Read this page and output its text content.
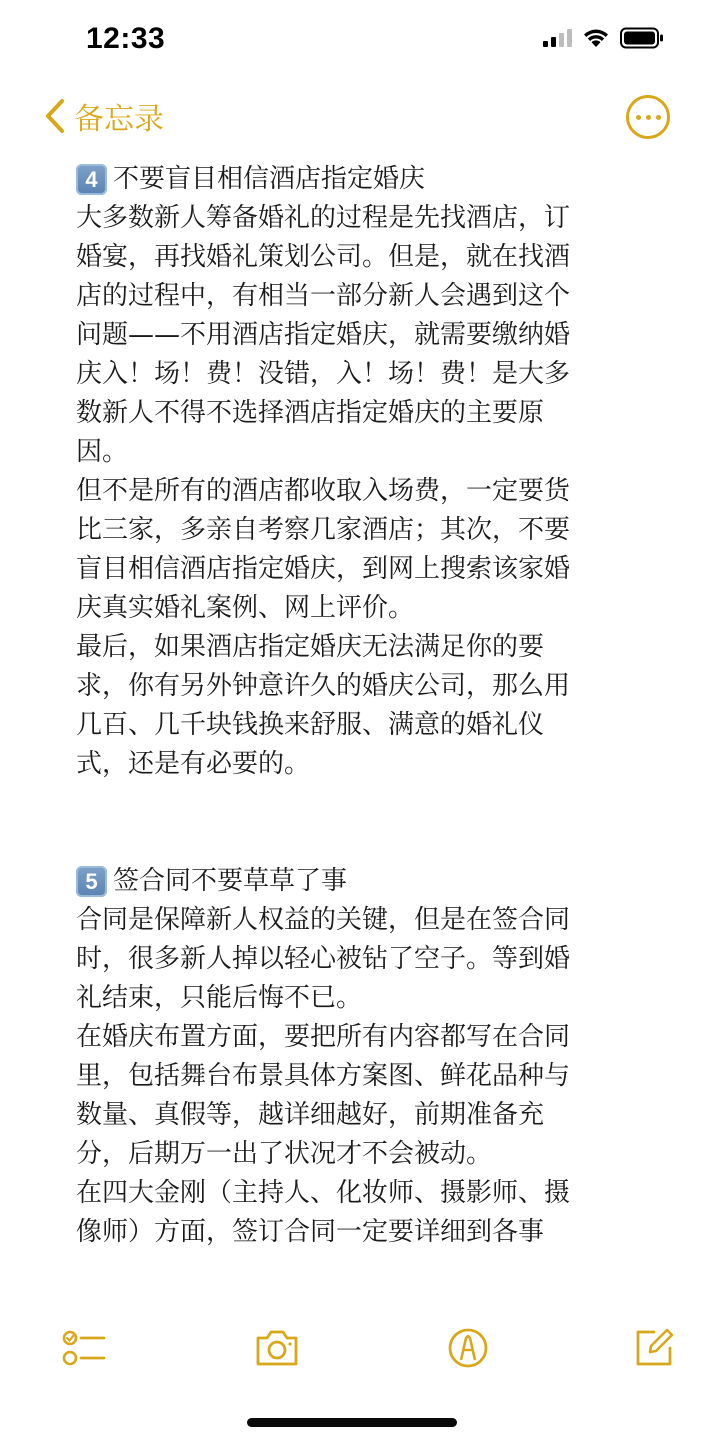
12:33
备忘录
4 不要盲目相信酒店指定婚庆
大多数新人筹备婚礼的过程是先找酒店，订
婚宴，再找婚礼策划公司。但是，就在找酒
店的过程中，有相当一部分新人会遇到这个
问题——不用酒店指定婚庆，就需要缴纳婚
庆入！场！费！没错，入！场！费！是大多
数新人不得不选择酒店指定婚庆的主要原
因。
但不是所有的酒店都收取入场费，一定要货
比三家，多亲自考察几家酒店；其次，不要
盲目相信酒店指定婚庆，到网上搜索该家婚
庆真实婚礼案例、网上评价。
最后，如果酒店指定婚庆无法满足你的要
求，你有另外钟意许久的婚庆公司，那么用
几百、几千块钱换来舒服、满意的婚礼仪
式，还是有必要的。
5 签合同不要草草了事
合同是保障新人权益的关键，但是在签合同
时，很多新人掉以轻心被钻了空子。等到婚
礼结束，只能后悔不已。
在婚庆布置方面，要把所有内容都写在合同
里，包括舞台布景具体方案图、鲜花品种与
数量、真假等，越详细越好，前期准备充
分，后期万一出了状况才不会被动。
在四大金刚（主持人、化妆师、摄影师、摄
像师）方面，签订合同一定要详细到各事
